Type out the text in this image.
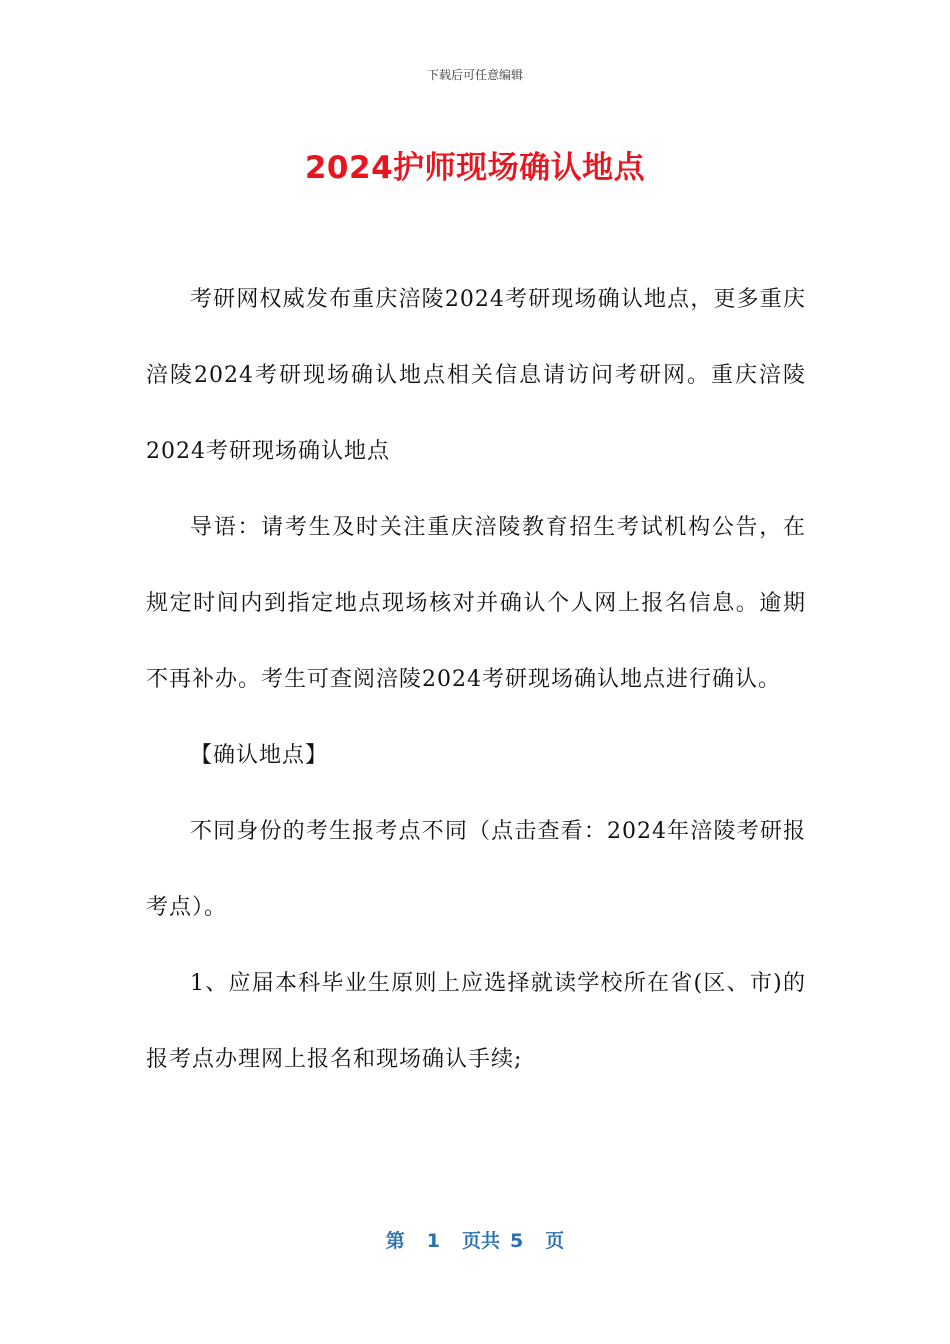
下载后可任意编辑
2024护师现场确认地点

考研网权威发布重庆涪陵2024考研现场确认地点，更多重庆涪陵2024考研现场确认地点相关信息请访问考研网。重庆涪陵2024考研现场确认地点

导语：请考生及时关注重庆涪陵教育招生考试机构公告，在规定时间内到指定地点现场核对并确认个人网上报名信息。逾期不再补办。考生可查阅涪陵2024考研现场确认地点进行确认。

【确认地点】

不同身份的考生报考点不同（点击查看：2024年涪陵考研报考点）。

1、应届本科毕业生原则上应选择就读学校所在省(区、市)的报考点办理网上报名和现场确认手续;

第 1 页共 5 页
